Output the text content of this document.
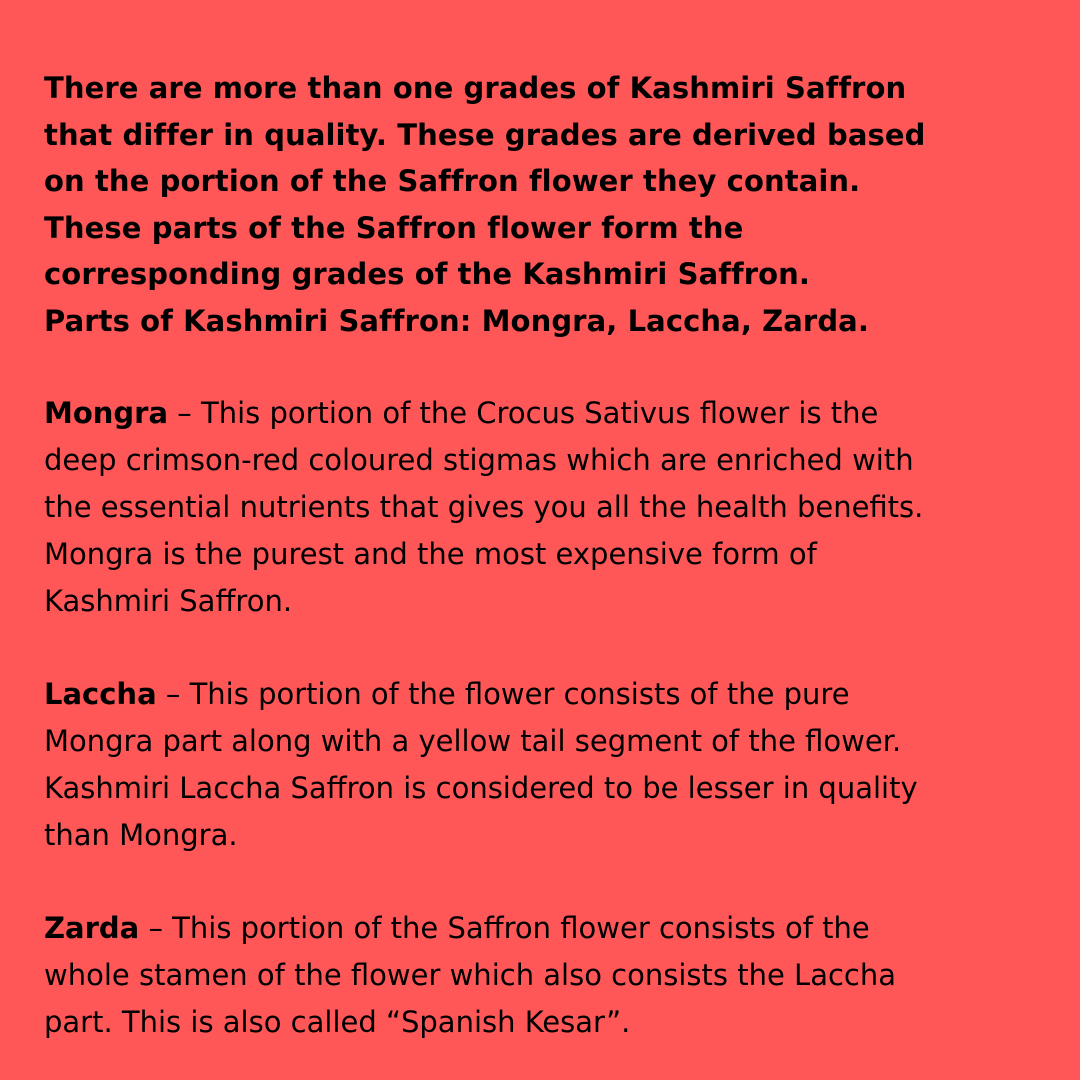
There are more than one grades of Kashmiri Saffron
that differ in quality. These grades are derived based
on the portion of the Saffron flower they contain.
These parts of the Saffron flower form the
corresponding grades of the Kashmiri Saffron.
Parts of Kashmiri Saffron: Mongra, Laccha, Zarda.

Mongra – This portion of the Crocus Sativus flower is the
deep crimson-red coloured stigmas which are enriched with
the essential nutrients that gives you all the health benefits.
Mongra is the purest and the most expensive form of
Kashmiri Saffron.

Laccha – This portion of the flower consists of the pure
Mongra part along with a yellow tail segment of the flower.
Kashmiri Laccha Saffron is considered to be lesser in quality
than Mongra.

Zarda – This portion of the Saffron flower consists of the
whole stamen of the flower which also consists the Laccha
part. This is also called “Spanish Kesar”.
